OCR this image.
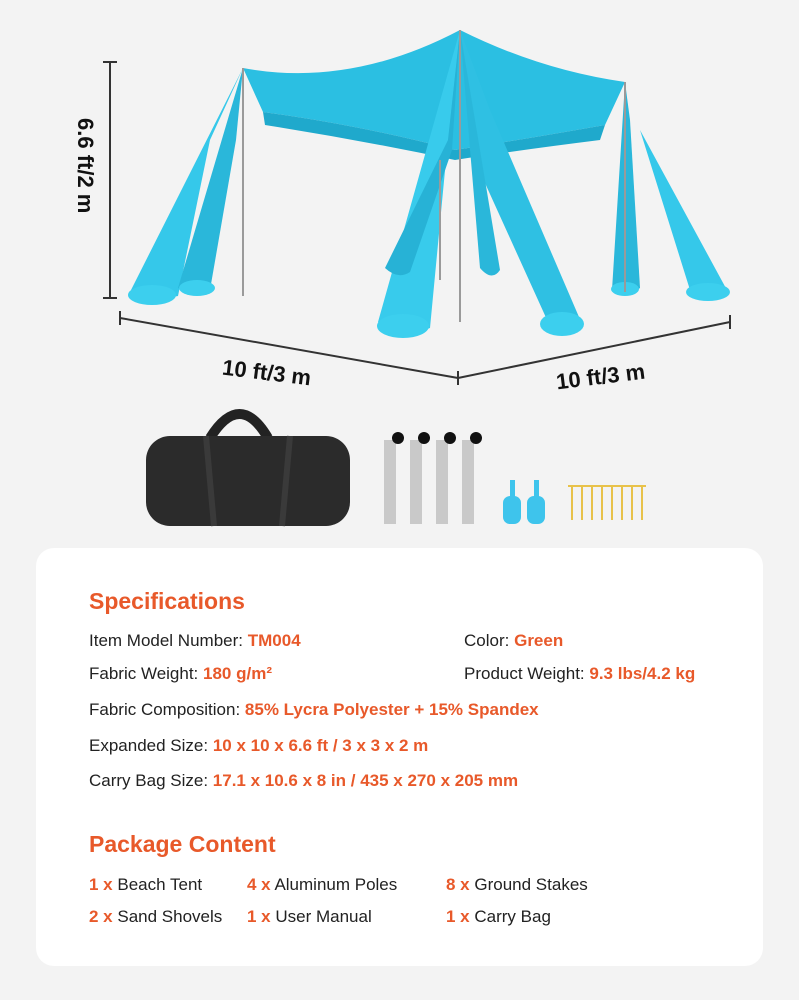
6.6 ft/2 m
10 ft/3 m	10 ft/3 m
Specifications
Item Model Number: TM004	Color: Green
Fabric Weight: 180 g/m²	Product Weight: 9.3 lbs/4.2 kg
Fabric Composition: 85% Lycra Polyester + 15% Spandex
Expanded Size: 10 x 10 x 6.6 ft / 3 x 3 x 2 m
Carry Bag Size: 17.1 x 10.6 x 8 in / 435 x 270 x 205 mm
Package Content
1 x Beach Tent	4 x Aluminum Poles	8 x Ground Stakes
2 x Sand Shovels 1 x User Manual	1 x Carry Bag
